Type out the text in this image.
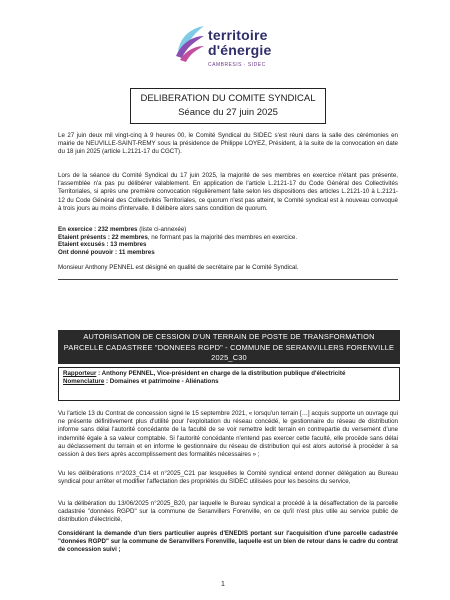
territoire
d'énergie
CAMBRESIS · SIDEC
DELIBERATION DU COMITE SYNDICAL
Séance du 27 juin 2025
Le 27 juin deux mil vingt-cinq à 9 heures 00, le Comité Syndical du SIDEC s'est réuni dans la salle des cérémonies en mairie de NEUVILLE-SAINT-REMY sous la présidence de Philippe LOYEZ, Président, à la suite de la convocation en date du 18 juin 2025 (article L.2121-17 du CGCT).
Lors de la séance du Comité Syndical du 17 juin 2025, la majorité de ses membres en exercice n'étant pas présente, l'assemblée n'a pas pu délibérer valablement. En application de l'article L.2121-17 du Code Général des Collectivités Territoriales, si après une première convocation régulièrement faite selon les dispositions des articles L.2121-10 à L.2121-12 du Code Général des Collectivités Territoriales, ce quorum n'est pas atteint, le Comité syndical est à nouveau convoqué à trois jours au moins d'intervalle. Il délibère alors sans condition de quorum.
En exercice : 232 membres (liste ci-annexée)
Etaient présents : 22 membres, ne formant pas la majorité des membres en exercice.
Etaient excusés : 13 membres
Ont donné pouvoir : 11 membres
Monsieur Anthony PENNEL est désigné en qualité de secrétaire par le Comité Syndical.
AUTORISATION DE CESSION D'UN TERRAIN DE POSTE DE TRANSFORMATION
PARCELLE CADASTREE "DONNEES RGPD" - COMMUNE DE SERANVILLERS FORENVILLE
2025_C30
Rapporteur : Anthony PENNEL, Vice-président en charge de la distribution publique d'électricité
Nomenclature : Domaines et patrimoine - Aliénations
Vu l'article 13 du Contrat de concession signé le 15 septembre 2021, « lorsqu'un terrain […] acquis supporte un ouvrage qui ne présente définitivement plus d'utilité pour l'exploitation du réseau concédé, le gestionnaire du réseau de distribution informe sans délai l'autorité concédante de la faculté de se voir remettre ledit terrain en contrepartie du versement d'une indemnité égale à sa valeur comptable. Si l'autorité concédante n'entend pas exercer cette faculté, elle procède sans délai au déclassement du terrain et en informe le gestionnaire du réseau de distribution qui est alors autorisé à procéder à sa cession à des tiers après accomplissement des formalités nécessaires » ;
Vu les délibérations n°2023_C14 et n°2025_C21 par lesquelles le Comité syndical entend donner délégation au Bureau syndical pour arrêter et modifier l'affectation des propriétés du SIDEC utilisées pour les besoins du service,
Vu la délibération du 13/06/2025 n°2025_B20, par laquelle le Bureau syndical a procédé à la désaffectation de la parcelle cadastrée "données RGPD" sur la commune de Seranvillers Forenville, en ce qu'il n'est plus utile au service public de distribution d'électricité,
Considérant la demande d'un tiers particulier auprès d'ENEDIS portant sur l'acquisition d'une parcelle cadastrée "données RGPD" sur la commune de Seranvillers Forenville, laquelle est un bien de retour dans le cadre du contrat de concession suivi ;
1
